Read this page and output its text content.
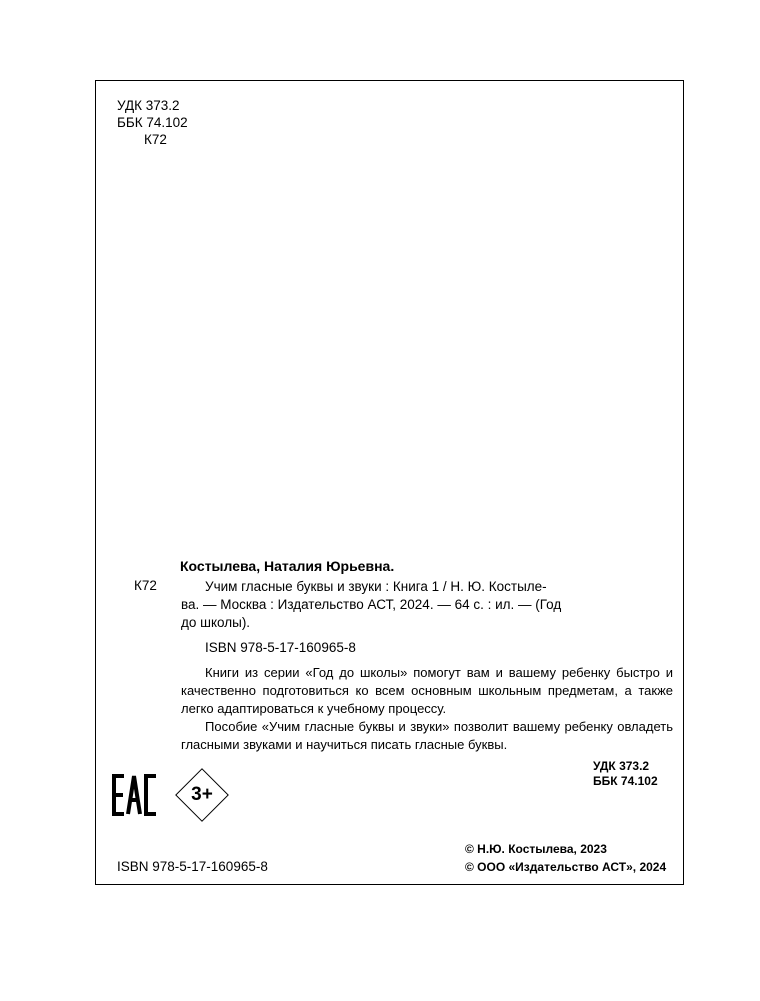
УДК 373.2
ББК 74.102
К72
Костылева, Наталия Юрьевна.
К72	Учим гласные буквы и звуки : Книга 1 / Н. Ю. Костыле-
ва. — Москва : Издательство АСТ, 2024. — 64 с. : ил. — (Год
до школы).
ISBN 978-5-17-160965-8
Книги из серии «Год до школы» помогут вам и вашему ребенку быстро и качественно подготовиться ко всем основным школьным предметам, а также легко адаптироваться к учебному процессу.
Пособие «Учим гласные буквы и звуки» позволит вашему ребенку овладеть гласными звуками и научиться писать гласные буквы.
УДК 373.2
ББК 74.102
3+
ISBN 978-5-17-160965-8
© Н.Ю. Костылева, 2023
© ООО «Издательство АСТ», 2024
